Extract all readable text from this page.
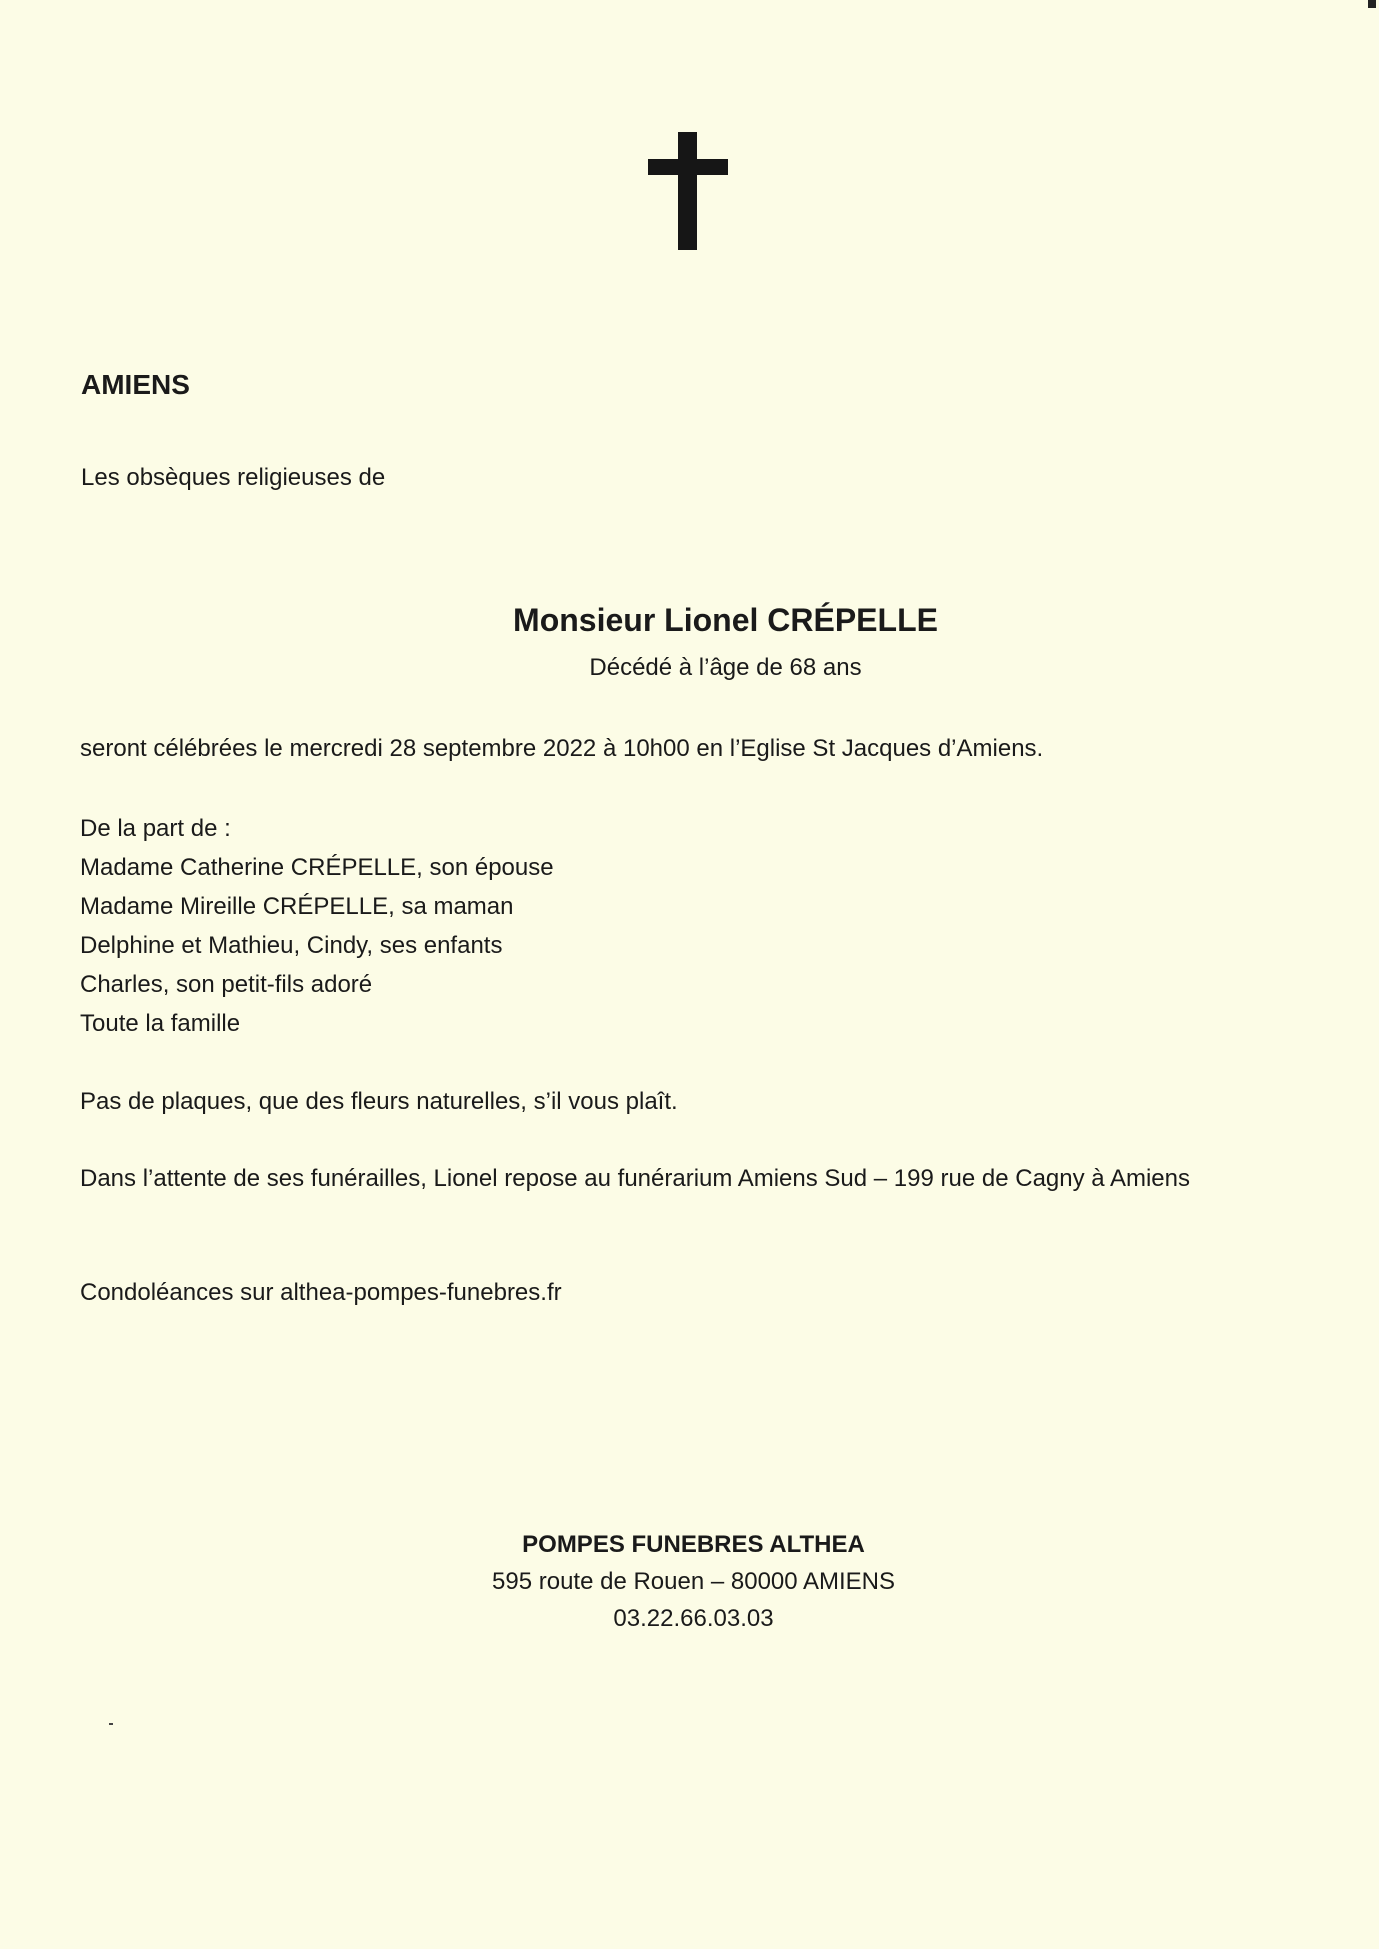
AMIENS
Les obsèques religieuses de
Monsieur Lionel CRÉPELLE
Décédé à l’âge de 68 ans
seront célébrées le mercredi 28 septembre 2022 à 10h00 en l’Eglise St Jacques d’Amiens.
De la part de :
Madame Catherine CRÉPELLE, son épouse
Madame Mireille CRÉPELLE, sa maman
Delphine et Mathieu, Cindy, ses enfants
Charles, son petit-fils adoré
Toute la famille
Pas de plaques, que des fleurs naturelles, s’il vous plaît.
Dans l’attente de ses funérailles, Lionel repose au funérarium Amiens Sud – 199 rue de Cagny à Amiens
Condoléances sur althea-pompes-funebres.fr
POMPES FUNEBRES ALTHEA
595 route de Rouen – 80000 AMIENS
03.22.66.03.03
